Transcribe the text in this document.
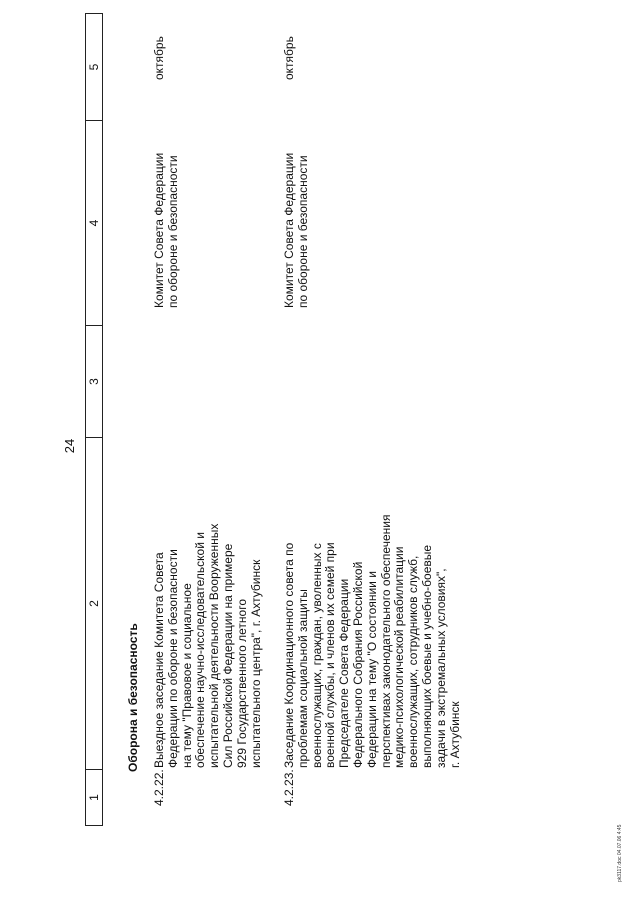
24
1
2
3
4
5
Оборона и безопасность

4.2.22.

Выездное заседание Комитета Совета
Федерации по обороне и безопасности
на тему "Правовое и социальное
обеспечение научно-исследовательской и
испытательной деятельности Вооруженных
Сил Российской Федерации на примере
929 Государственного летного
испытательного центра", г. Ахтубинск

Комитет Совета Федерации
по обороне и безопасности

октябрь

4.2.23.

Заседание Координационного совета по
проблемам социальной защиты
военнослужащих, граждан, уволенных с
военной службы, и членов их семей при
Председателе Совета Федерации
Федерального Собрания Российской
Федерации на тему "О состоянии и
перспективах законодательного обеспечения
медико-психологической реабилитации
военнослужащих, сотрудников служб,
выполняющих боевые и учебно-боевые
задачи в экстремальных условиях",
г. Ахтубинск

Комитет Совета Федерации
по обороне и безопасности

октябрь

pk3117.doc 04.07.06 4:45
